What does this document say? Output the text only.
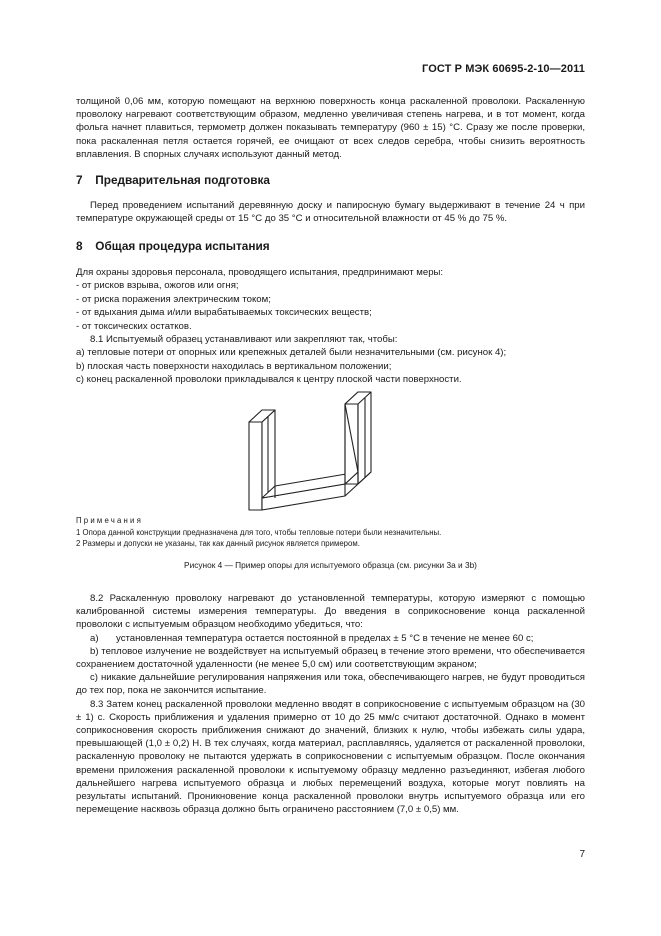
ГОСТ Р МЭК 60695-2-10—2011

толщиной 0,06 мм, которую помещают на верхнюю поверхность конца раскаленной проволоки. Раскаленную проволоку нагревают соответствующим образом, медленно увеличивая степень нагрева, и в тот момент, когда фольга начнет плавиться, термометр должен показывать температуру (960 ± 15) °С. Сразу же после проверки, пока раскаленная петля остается горячей, ее очищают от всех следов серебра, чтобы снизить вероятность вплавления. В спорных случаях используют данный метод.

7 Предварительная подготовка
Перед проведением испытаний деревянную доску и папиросную бумагу выдерживают в течение 24 ч при температуре окружающей среды от 15 °С до 35 °С и относительной влажности от 45 % до 75 %.
8 Общая процедура испытания
Для охраны здоровья персонала, проводящего испытания, предпринимают меры:
- от рисков взрыва, ожогов или огня;
- от риска поражения электрическим током;
- от вдыхания дыма и/или вырабатываемых токсических веществ;
- от токсических остатков.
8.1 Испытуемый образец устанавливают или закрепляют так, чтобы:
a) тепловые потери от опорных или крепежных деталей были незначительными (см. рисунок 4);
b) плоская часть поверхности находилась в вертикальном положении;
c) конец раскаленной проволоки прикладывался к центру плоской части поверхности.
Примечания
1 Опора данной конструкции предназначена для того, чтобы тепловые потери были незначительны.
2 Размеры и допуски не указаны, так как данный рисунок является примером.
Рисунок 4 — Пример опоры для испытуемого образца (см. рисунки 3а и 3b)

8.2 Раскаленную проволоку нагревают до установленной температуры, которую измеряют с помощью калиброванной системы измерения температуры. До введения в соприкосновение конца раскаленной проволоки с испытуемым образцом необходимо убедиться, что:

a)	установленная температура остается постоянной в пределах ± 5 °С в течение не менее 60 с;

b) тепловое излучение не воздействует на испытуемый образец в течение этого времени, что обеспечивается сохранением достаточной удаленности (не менее 5,0 см) или соответствующим экраном;

c) никакие дальнейшие регулирования напряжения или тока, обеспечивающего нагрев, не будут проводиться до тех пор, пока не закончится испытание.

8.3 Затем конец раскаленной проволоки медленно вводят в соприкосновение с испытуемым образцом на (30 ± 1) с. Скорость приближения и удаления примерно от 10 до 25 мм/с считают достаточной. Однако в момент соприкосновения скорость приближения снижают до значений, близких к нулю, чтобы избежать силы удара, превышающей (1,0 ± 0,2) Н. В тех случаях, когда материал, расплавляясь, удаляется от раскаленной проволоки, раскаленную проволоку не пытаются удержать в соприкосновении с испытуемым образцом. После окончания времени приложения раскаленной проволоки к испытуемому образцу медленно разъединяют, избегая любого дальнейшего нагрева испытуемого образца и любых перемещений воздуха, которые могут повлиять на результаты испытаний. Проникновение конца раскаленной проволоки внутрь испытуемого образца или его перемещение насквозь образца должно быть ограничено расстоянием (7,0 ± 0,5) мм.

7
